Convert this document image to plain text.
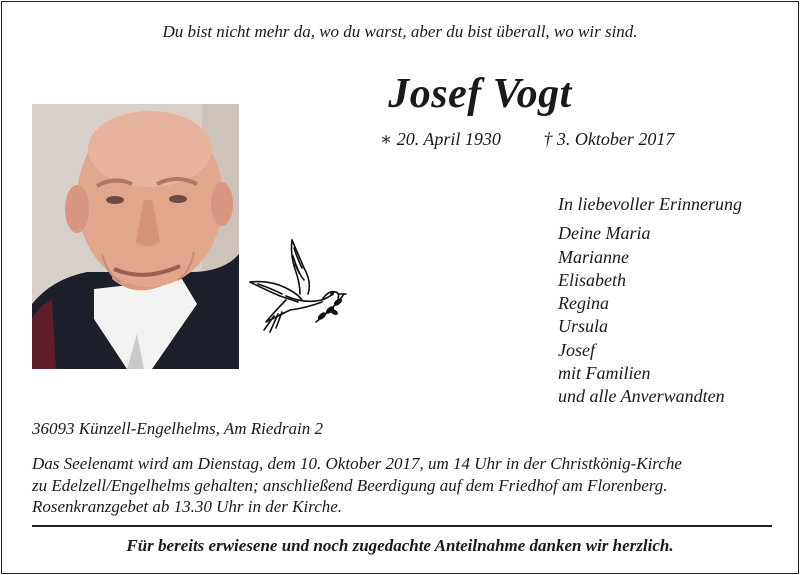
Du bist nicht mehr da, wo du warst, aber du bist überall, wo wir sind.
Josef Vogt
∗ 20. April 1930 † 3. Oktober 2017
In liebevoller Erinnerung
Deine Maria
Marianne
Elisabeth
Regina
Ursula
Josef
mit Familien
und alle Anverwandten
36093 Künzell-Engelhelms, Am Riedrain 2
Das Seelenamt wird am Dienstag, dem 10. Oktober 2017, um 14 Uhr in der Christkönig-Kirche
zu Edelzell/Engelhelms gehalten; anschließend Beerdigung auf dem Friedhof am Florenberg.
Rosenkranzgebet ab 13.30 Uhr in der Kirche.
Für bereits erwiesene und noch zugedachte Anteilnahme danken wir herzlich.
